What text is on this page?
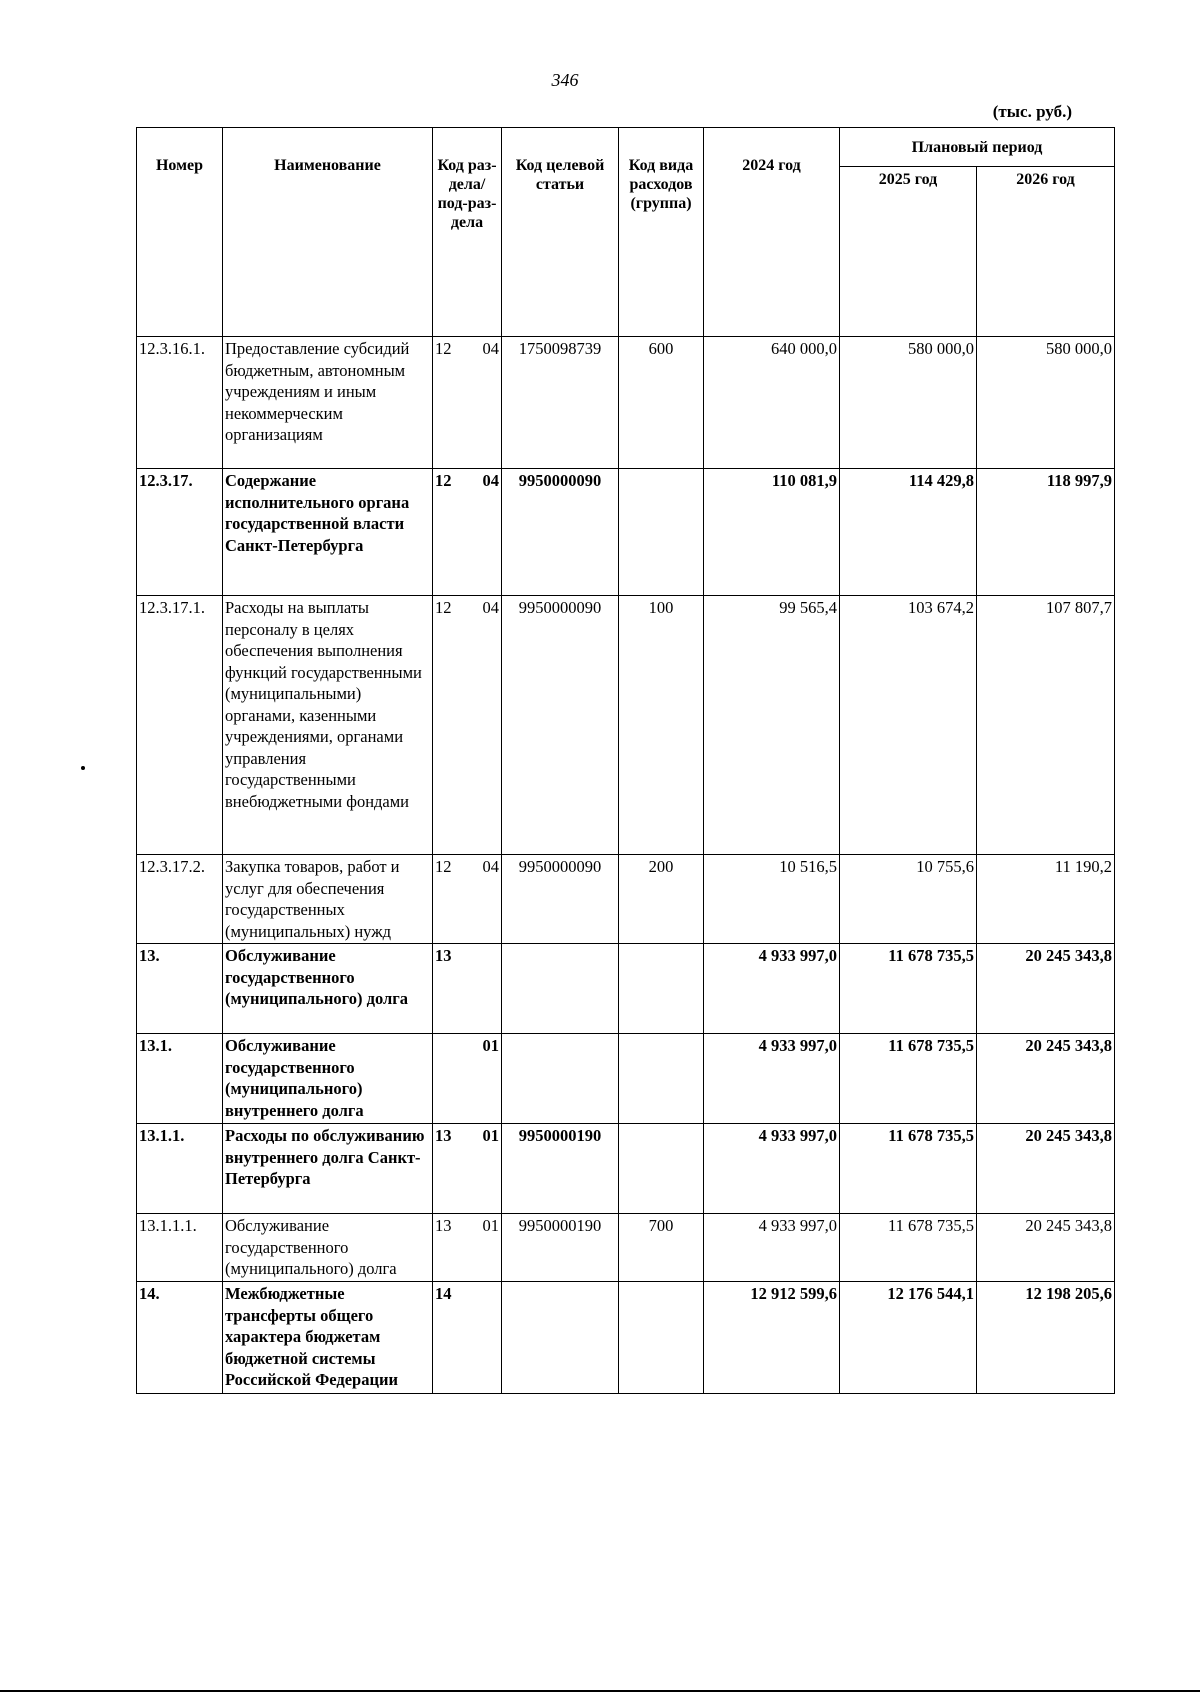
346
(тыс. руб.)
Номер	Наименование	Код раз-дела/ под-раз-дела	Код целевой статьи	Код вида расходов (группа)	2024 год	Плановый период	
						2025 год	2026 год
12.3.16.1.	Предоставление субсидий бюджетным, автономным учреждениям и иным некоммерческим организациям	12 04	1750098739	600	640 000,0	580 000,0	580 000,0
12.3.17.	Содержание исполнительного органа государственной власти Санкт-Петербурга	12 04	9950000090		110 081,9	114 429,8	118 997,9
12.3.17.1.	Расходы на выплаты персоналу в целях обеспечения выполнения функций государственными (муниципальными) органами, казенными учреждениями, органами управления государственными внебюджетными фондами	12 04	9950000090	100	99 565,4	103 674,2	107 807,7
12.3.17.2.	Закупка товаров, работ и услуг для обеспечения государственных (муниципальных) нужд	12 04	9950000090	200	10 516,5	10 755,6	11 190,2
13.	Обслуживание государственного (муниципального) долга	13			4 933 997,0	11 678 735,5	20 245 343,8
13.1.	Обслуживание государственного (муниципального) внутреннего долга	01			4 933 997,0	11 678 735,5	20 245 343,8
13.1.1.	Расходы по обслуживанию внутреннего долга Санкт-Петербурга	13 01	9950000190		4 933 997,0	11 678 735,5	20 245 343,8
13.1.1.1.	Обслуживание государственного (муниципального) долга	13 01	9950000190	700	4 933 997,0	11 678 735,5	20 245 343,8
14.	Межбюджетные трансферты общего характера бюджетам бюджетной системы Российской Федерации	14			12 912 599,6	12 176 544,1	12 198 205,6
